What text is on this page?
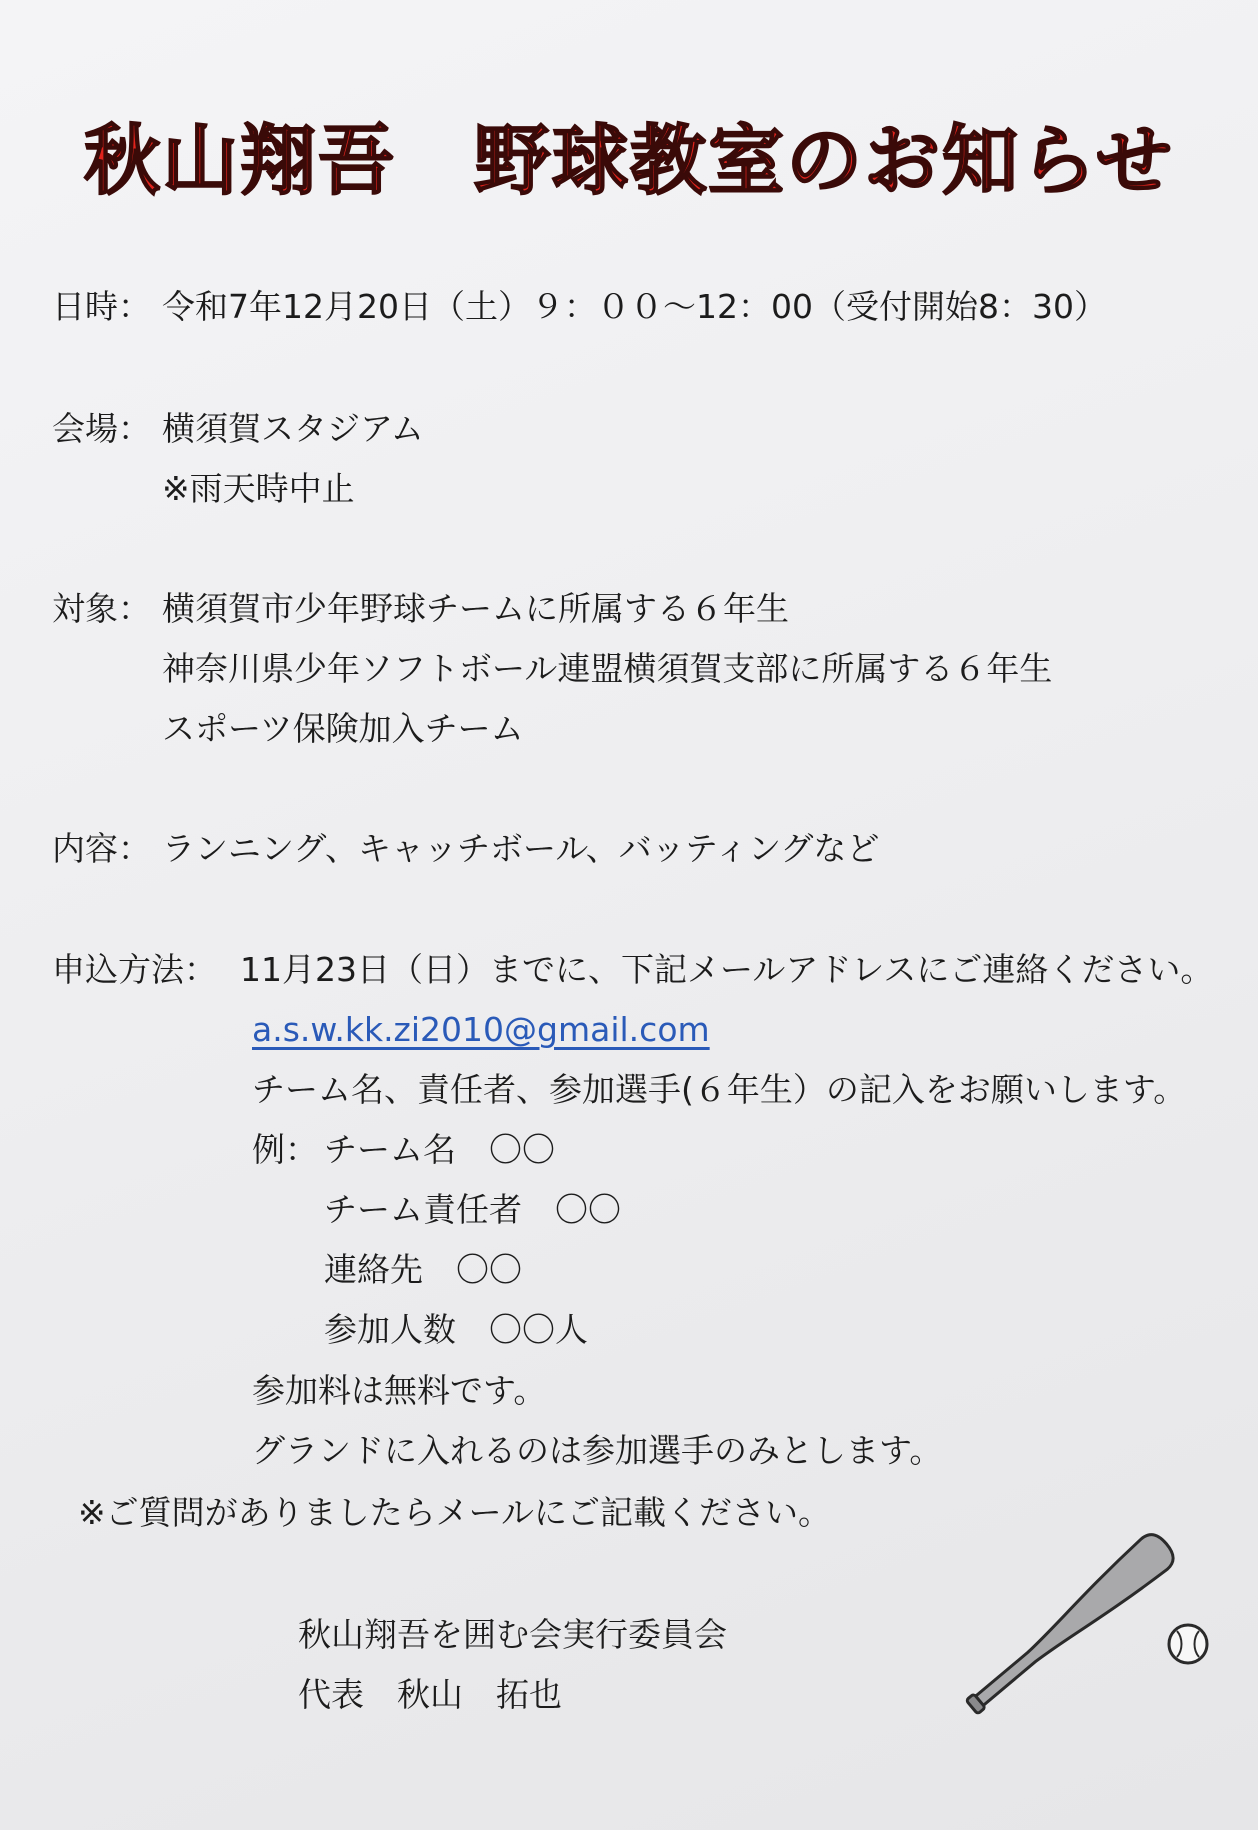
秋山翔吾　野球教室のお知らせ
日時： 令和7年12月20日（土）９：００～12：00（受付開始8：30）
会場： 横須賀スタジアム
※雨天時中止
対象： 横須賀市少年野球チームに所属する６年生
神奈川県少年ソフトボール連盟横須賀支部に所属する６年生
スポーツ保険加入チーム
内容： ランニング、キャッチボール、バッティングなど
申込方法： 11月23日（日）までに、下記メールアドレスにご連絡ください。
a.s.w.kk.zi2010@gmail.com
チーム名、責任者、参加選手(６年生）の記入をお願いします。
例： チーム名　〇〇
チーム責任者　〇〇
連絡先　〇〇
参加人数　〇〇人
参加料は無料です。
グランドに入れるのは参加選手のみとします。
※ご質問がありましたらメールにご記載ください。
秋山翔吾を囲む会実行委員会
代表　秋山　拓也
